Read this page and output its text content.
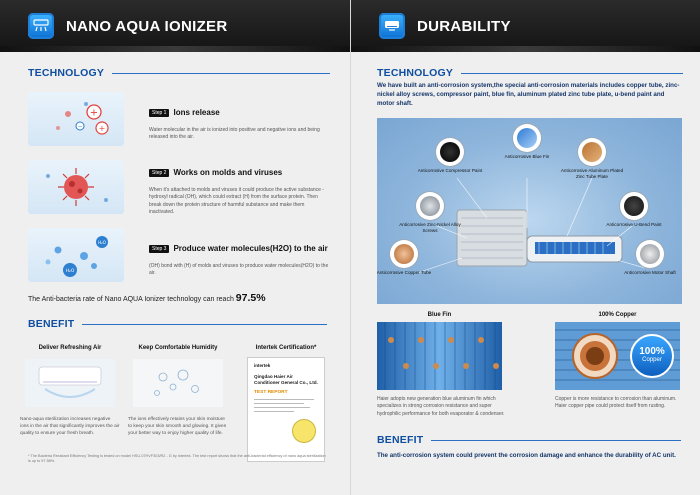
NANO AQUA IONIZER
TECHNOLOGY
+
+
−
Step 1 Ions release
Water molecular in the air is ionized into positive and negative ions and being released into the air.
Step 2 Works on molds and viruses
When it's attached to molds and viruses it could produce the active substance - hydroxyl radical (OH), which could extract (H) from the surface protein. Then break down the protein structure of harmful substance and make them inactivated.
H₂O
H₂O
Step 3 Produce water molecules(H2O) to the air
(OH) bond with (H) of molds and viruses to produce water molecules(H2O) to the air.
The Anti-bacteria rate of Nano AQUA Ionizer technology can reach 97.5%
BENEFIT
Deliver Refreshing Air
Nano-aqua sterilization increases negative ions in the air that significantly improves the air quality to ensure your fresh breath.
Keep Comfortable Humidity
The ions effectively retains your skin moisture to keep your skin smooth and glowing. It gives your better way to enjoy higher quality of life.
Intertek Certification*
intertek
Qingdao Haier Air Conditioner General Co., Ltd.
TEST REPORT
* The Bacteria Resistant Efficiency Testing is tested on model HSU-07HVF303/R2 - G by Intertek. The test report shows that the anti-bacterial efficiency of nano aqua sterilization is up to 97.58%.
DURABILITY
TECHNOLOGY
We have built an anti-corrosion system,the special anti-corrosion materials includes copper tube, zinc-nickel alloy screws, compressor paint, blue fin, aluminum plated zinc tube plate, u-bend paint and motor shaft.
Anticorrosive Blue Fin
Anticorrosive Compressor Paint	Anticorrosive Aluminum Plated Zinc Tube Plate
Anticorrosive Zinc-Nickel Alloy Screws
Anticorrosive U-Bend Paint
Anticorrosive Copper Tube	Anticorrosive Motor Shaft
Blue Fin
Haier adopts new generation blue aluminum fin which specializes in strong corrosion resistance and super hydrophilic performance for both evaporator & condenser.
100% Copper
100%
Copper
Copper is more resistance to corrosion than aluminum. Haier copper pipe could protect itself from rusting.
BENEFIT
The anti-corrosion system could prevent the corrosion damage and enhance the durability of AC unit.
